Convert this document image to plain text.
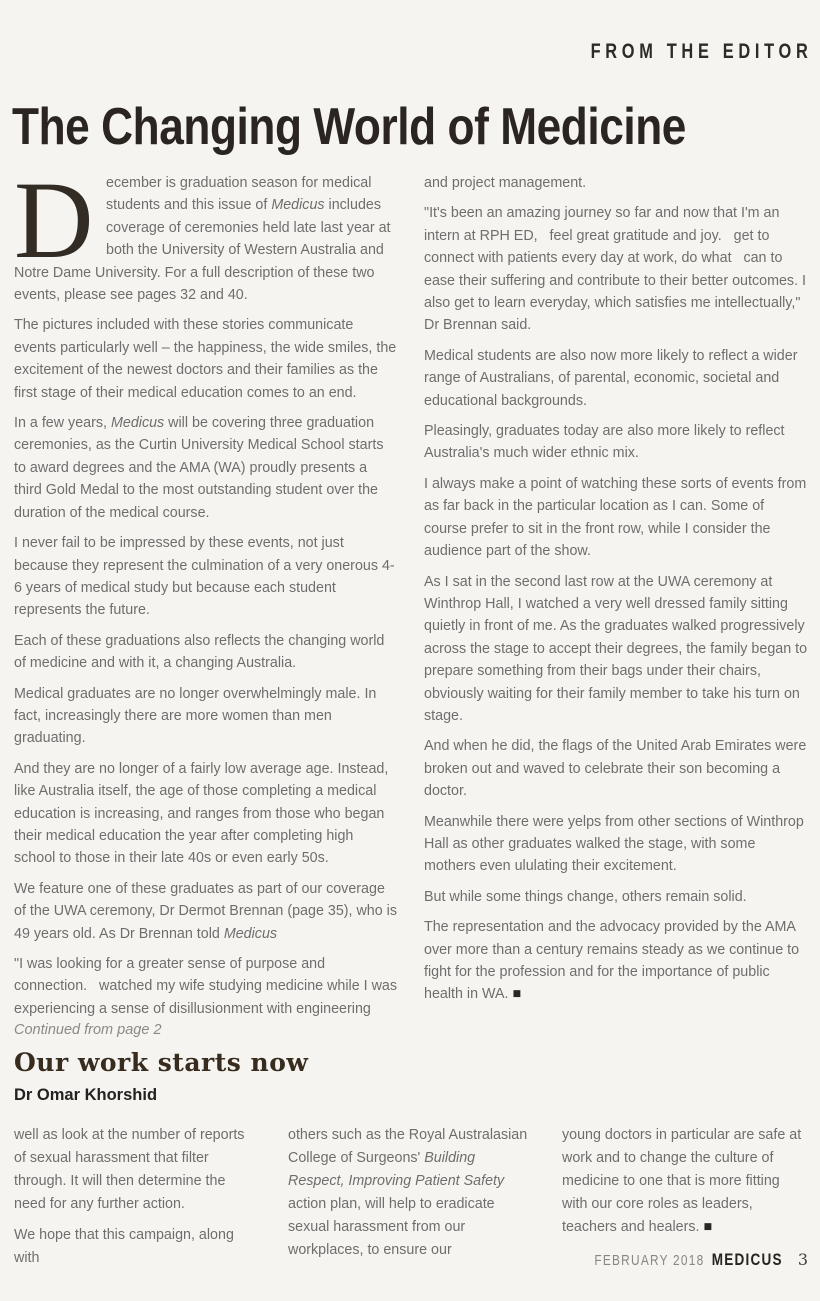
FROM THE EDITOR
The Changing World of Medicine

December is graduation season for medical students and this issue of Medicus includes coverage of ceremonies held late last year at both the University of Western Australia and Notre Dame University. For a full description of these two events, please see pages 32 and 40.

The pictures included with these stories communicate events particularly well – the happiness, the wide smiles, the excitement of the newest doctors and their families as the first stage of their medical education comes to an end.

In a few years, Medicus will be covering three graduation ceremonies, as the Curtin University Medical School starts to award degrees and the AMA (WA) proudly presents a third Gold Medal to the most outstanding student over the duration of the medical course.

I never fail to be impressed by these events, not just because they represent the culmination of a very onerous 4-6 years of medical study but because each student represents the future.

Each of these graduations also reflects the changing world of medicine and with it, a changing Australia.

Medical graduates are no longer overwhelmingly male. In fact, increasingly there are more women than men graduating.

And they are no longer of a fairly low average age. Instead, like Australia itself, the age of those completing a medical education is increasing, and ranges from those who began their medical education the year after completing high school to those in their late 40s or even early 50s.

We feature one of these graduates as part of our coverage of the UWA ceremony, Dr Dermot Brennan (page 35), who is 49 years old. As Dr Brennan told Medicus

"I was looking for a greater sense of purpose and connection.   watched my wife studying medicine while I was experiencing a sense of disillusionment with engineering

and project management.

"It's been an amazing journey so far and now that I'm an intern at RPH ED,   feel great gratitude and joy.   get to connect with patients every day at work, do what   can to ease their suffering and contribute to their better outcomes. I also get to learn everyday, which satisfies me intellectually," Dr Brennan said.

Medical students are also now more likely to reflect a wider range of Australians, of parental, economic, societal and educational backgrounds.

Pleasingly, graduates today are also more likely to reflect Australia's much wider ethnic mix.

I always make a point of watching these sorts of events from as far back in the particular location as I can. Some of course prefer to sit in the front row, while I consider the audience part of the show.

As I sat in the second last row at the UWA ceremony at Winthrop Hall, I watched a very well dressed family sitting quietly in front of me. As the graduates walked progressively across the stage to accept their degrees, the family began to prepare something from their bags under their chairs, obviously waiting for their family member to take his turn on stage.

And when he did, the flags of the United Arab Emirates were broken out and waved to celebrate their son becoming a doctor.

Meanwhile there were yelps from other sections of Winthrop Hall as other graduates walked the stage, with some mothers even ululating their excitement.

But while some things change, others remain solid.

The representation and the advocacy provided by the AMA over more than a century remains steady as we continue to fight for the profession and for the importance of public health in WA. ■

Continued from page 2
Our work starts now
Dr Omar Khorshid

well as look at the number of reports of sexual harassment that filter through. It will then determine the need for any further action.

We hope that this campaign, along with

others such as the Royal Australasian College of Surgeons' Building Respect, Improving Patient Safety action plan, will help to eradicate sexual harassment from our workplaces, to ensure our

young doctors in particular are safe at work and to change the culture of medicine to one that is more fitting with our core roles as leaders, teachers and healers. ■

FEBRUARY 2018 MEDICUS 3
